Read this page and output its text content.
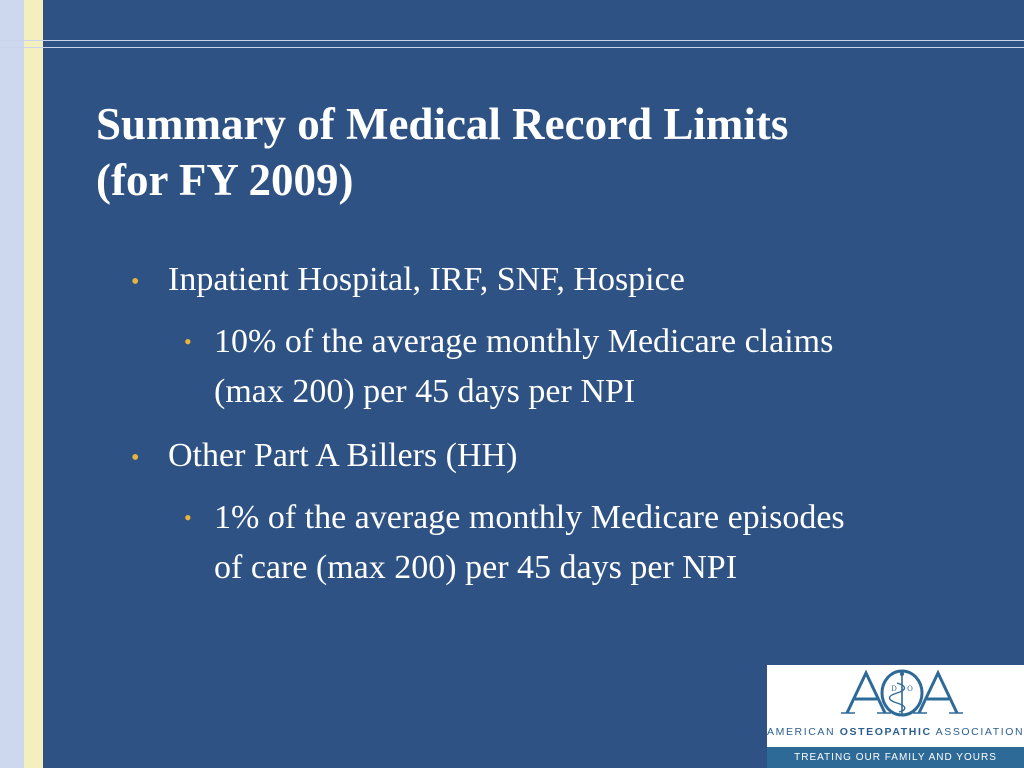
Summary of Medical Record Limits
(for FY 2009)
• Inpatient Hospital, IRF, SNF, Hospice
• 10% of the average monthly Medicare claims
(max 200) per 45 days per NPI
• Other Part A Billers (HH)
• 1% of the average monthly Medicare episodes
of care (max 200) per 45 days per NPI
D O
AMERICAN OSTEOPATHIC ASSOCIATION
TREATING OUR FAMILY AND YOURS
